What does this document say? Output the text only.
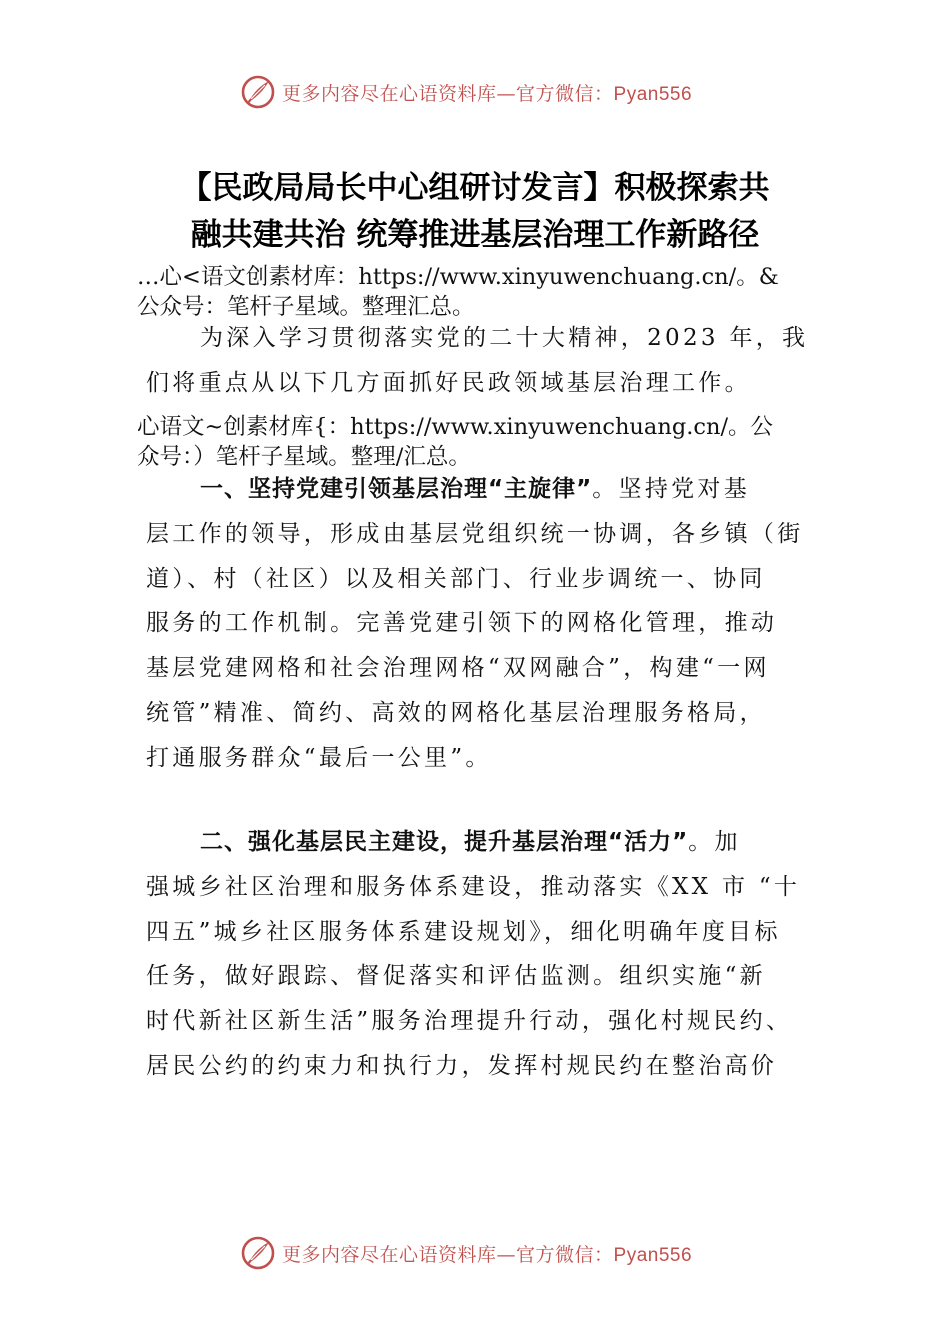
更多内容尽在心语资料库—官方微信：Pyan556
【民政局局长中心组研讨发言】积极探索共
融共建共治 统筹推进基层治理工作新路径
…心<语文创素材库：https://www.xinyuwenchuang.cn/。&
公众号：笔杆子星域。整理汇总。
为深入学习贯彻落实党的二十大精神，2023 年，我
们将重点从以下几方面抓好民政领域基层治理工作。
心语文~创素材库{：https://www.xinyuwenchuang.cn/。公
众号：）笔杆子星域。整理/汇总。
一、坚持党建引领基层治理“主旋律”。坚持党对基
层工作的领导，形成由基层党组织统一协调，各乡镇（街
道）、村（社区）以及相关部门、行业步调统一、协同
服务的工作机制。完善党建引领下的网格化管理，推动
基层党建网格和社会治理网格“双网融合”，构建“一网
统管”精准、简约、高效的网格化基层治理服务格局，
打通服务群众“最后一公里”。
二、强化基层民主建设，提升基层治理“活力”。加
强城乡社区治理和服务体系建设，推动落实《XX 市 “十
四五”城乡社区服务体系建设规划》，细化明确年度目标
任务，做好跟踪、督促落实和评估监测。组织实施“新
时代新社区新生活”服务治理提升行动，强化村规民约、
居民公约的约束力和执行力，发挥村规民约在整治高价
更多内容尽在心语资料库—官方微信：Pyan556
